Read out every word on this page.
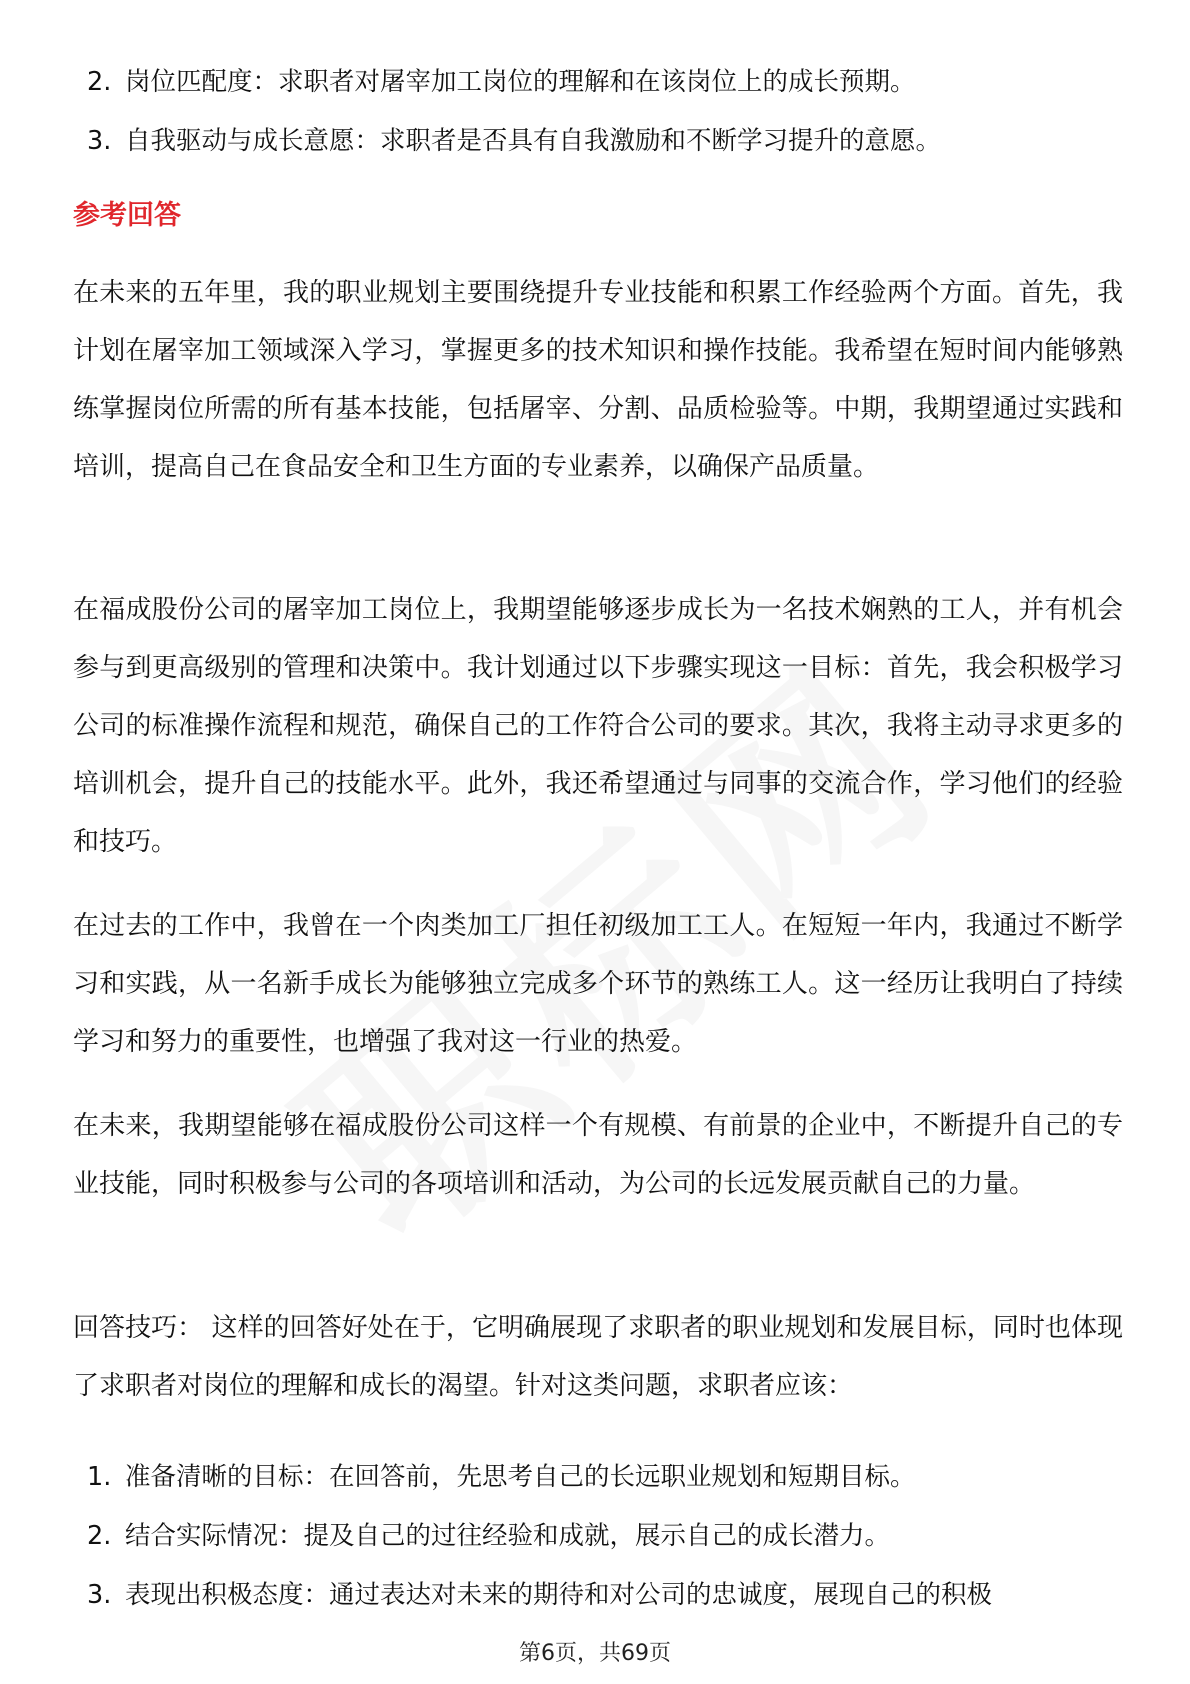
2. 岗位匹配度：求职者对屠宰加工岗位的理解和在该岗位上的成长预期。
3. 自我驱动与成长意愿：求职者是否具有自我激励和不断学习提升的意愿。
参考回答

在未来的五年里，我的职业规划主要围绕提升专业技能和积累工作经验两个方面。首先，我计划在屠宰加工领域深入学习，掌握更多的技术知识和操作技能。我希望在短时间内能够熟练掌握岗位所需的所有基本技能，包括屠宰、分割、品质检验等。中期，我期望通过实践和培训，提高自己在食品安全和卫生方面的专业素养，以确保产品质量。

在福成股份公司的屠宰加工岗位上，我期望能够逐步成长为一名技术娴熟的工人，并有机会参与到更高级别的管理和决策中。我计划通过以下步骤实现这一目标：首先，我会积极学习公司的标准操作流程和规范，确保自己的工作符合公司的要求。其次，我将主动寻求更多的培训机会，提升自己的技能水平。此外，我还希望通过与同事的交流合作，学习他们的经验和技巧。

在过去的工作中，我曾在一个肉类加工厂担任初级加工工人。在短短一年内，我通过不断学习和实践，从一名新手成长为能够独立完成多个环节的熟练工人。这一经历让我明白了持续学习和努力的重要性，也增强了我对这一行业的热爱。

在未来，我期望能够在福成股份公司这样一个有规模、有前景的企业中，不断提升自己的专业技能，同时积极参与公司的各项培训和活动，为公司的长远发展贡献自己的力量。

回答技巧： 这样的回答好处在于，它明确展现了求职者的职业规划和发展目标，同时也体现了求职者对岗位的理解和成长的渴望。针对这类问题，求职者应该：

1. 准备清晰的目标：在回答前，先思考自己的长远职业规划和短期目标。
2. 结合实际情况：提及自己的过往经验和成就，展示自己的成长潜力。
3. 表现出积极态度：通过表达对未来的期待和对公司的忠诚度，展现自己的积极
第6页，共69页
